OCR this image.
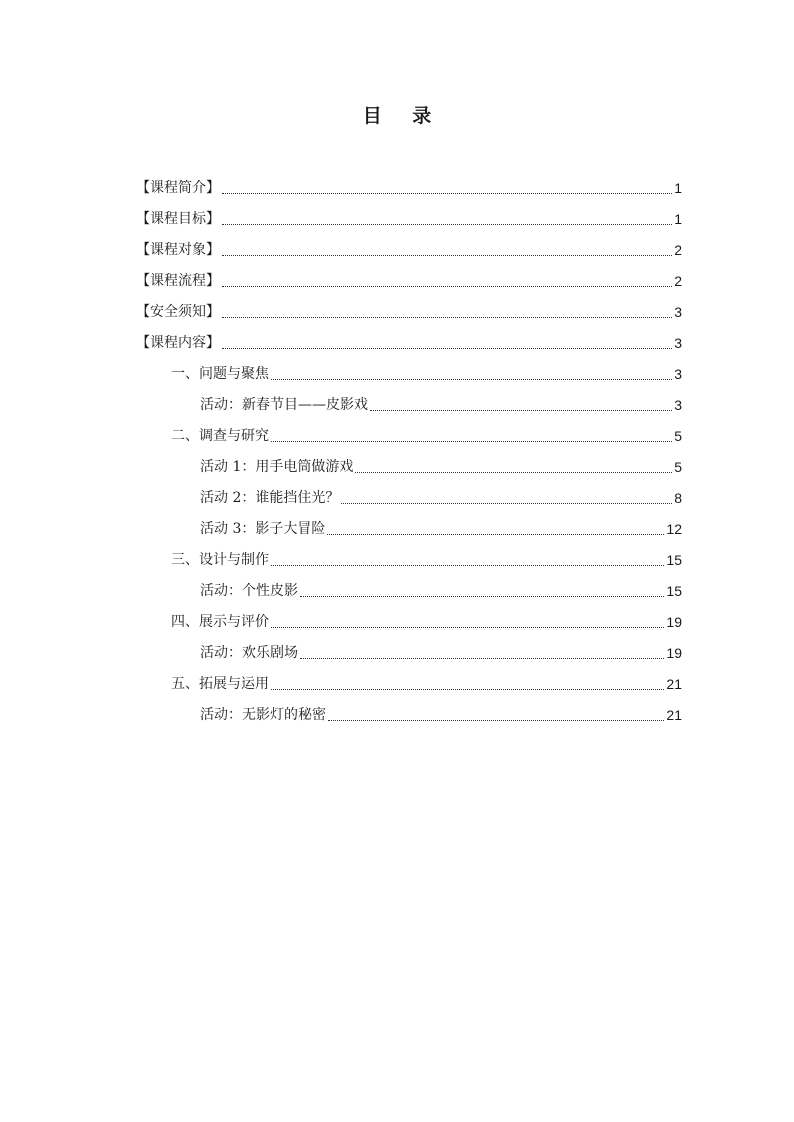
目 录
【课程简介】	1
【课程目标】	1
【课程对象】	2
【课程流程】	2
【安全须知】	3
【课程内容】	3
一、问题与聚焦	3
活动：新春节目——皮影戏	3
二、调查与研究	5
活动 1：用手电筒做游戏	5
活动 2：谁能挡住光？	8
活动 3：影子大冒险	12
三、设计与制作	15
活动：个性皮影	15
四、展示与评价	19
活动：欢乐剧场	19
五、拓展与运用	21
活动：无影灯的秘密	21
